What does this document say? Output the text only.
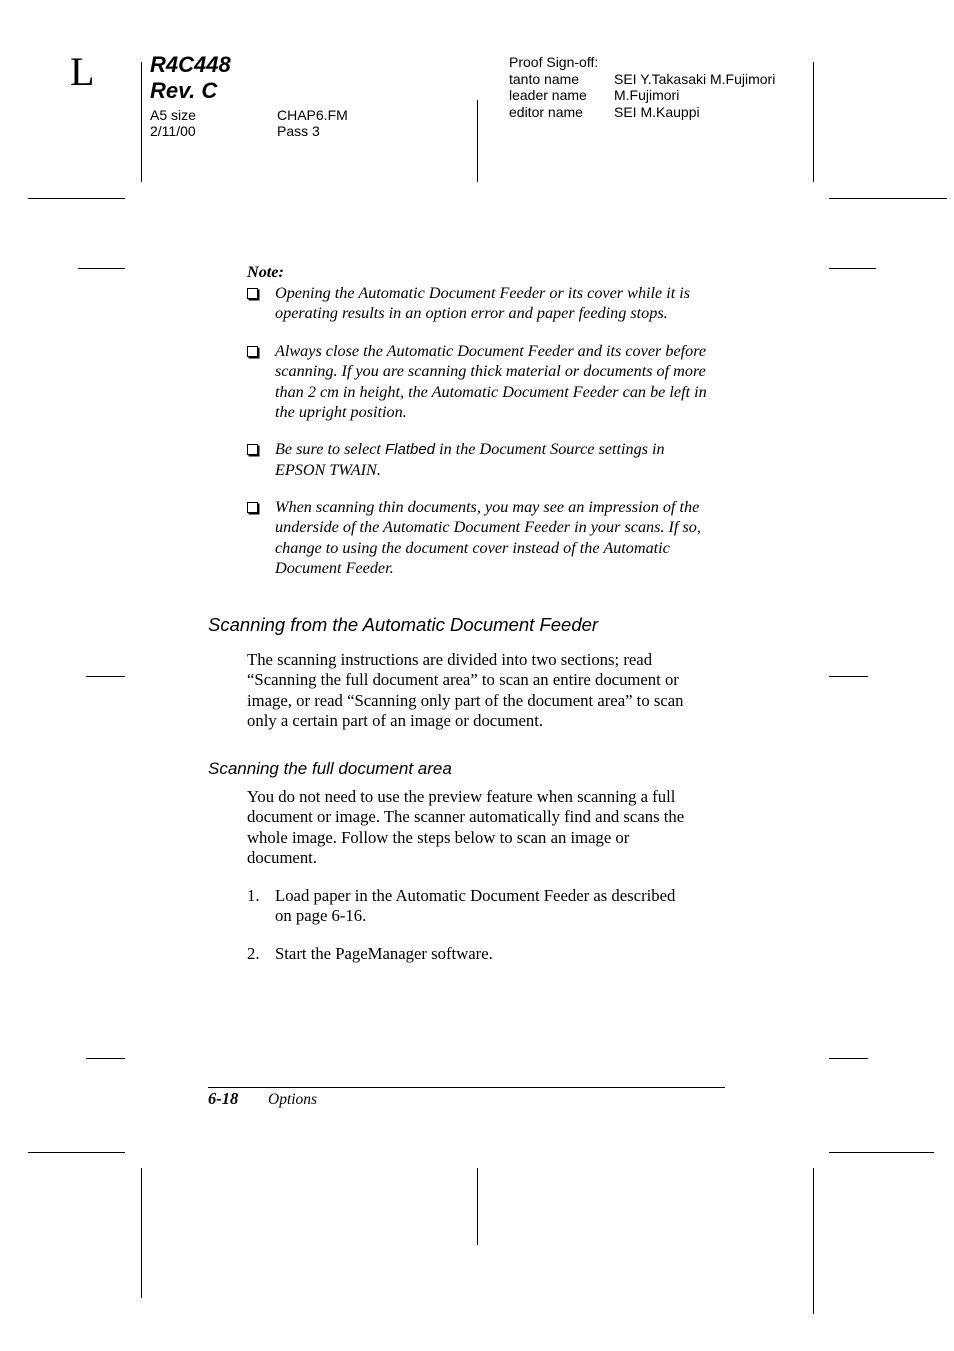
L	R4C448
Rev. C
A5 size
2/11/00
CHAP6.FM
Pass 3
Proof Sign-off:
tanto name SEI Y.Takasaki M.Fujimori
leader name M.Fujimori
editor name SEI M.Kauppi
Note:
Opening the Automatic Document Feeder or its cover while it is
operating results in an option error and paper feeding stops.
Always close the Automatic Document Feeder and its cover before
scanning. If you are scanning thick material or documents of more
than 2 cm in height, the Automatic Document Feeder can be left in
the upright position.
Be sure to select Flatbed in the Document Source settings in
EPSON TWAIN.
When scanning thin documents, you may see an impression of the
underside of the Automatic Document Feeder in your scans. If so,
change to using the document cover instead of the Automatic
Document Feeder.
Scanning from the Automatic Document Feeder
The scanning instructions are divided into two sections; read
“Scanning the full document area” to scan an entire document or
image, or read “Scanning only part of the document area” to scan
only a certain part of an image or document.
Scanning the full document area
You do not need to use the preview feature when scanning a full
document or image. The scanner automatically find and scans the
whole image. Follow the steps below to scan an image or
document.
1. Load paper in the Automatic Document Feeder as described
on page 6-16.
2. Start the PageManager software.
6-18 Options
